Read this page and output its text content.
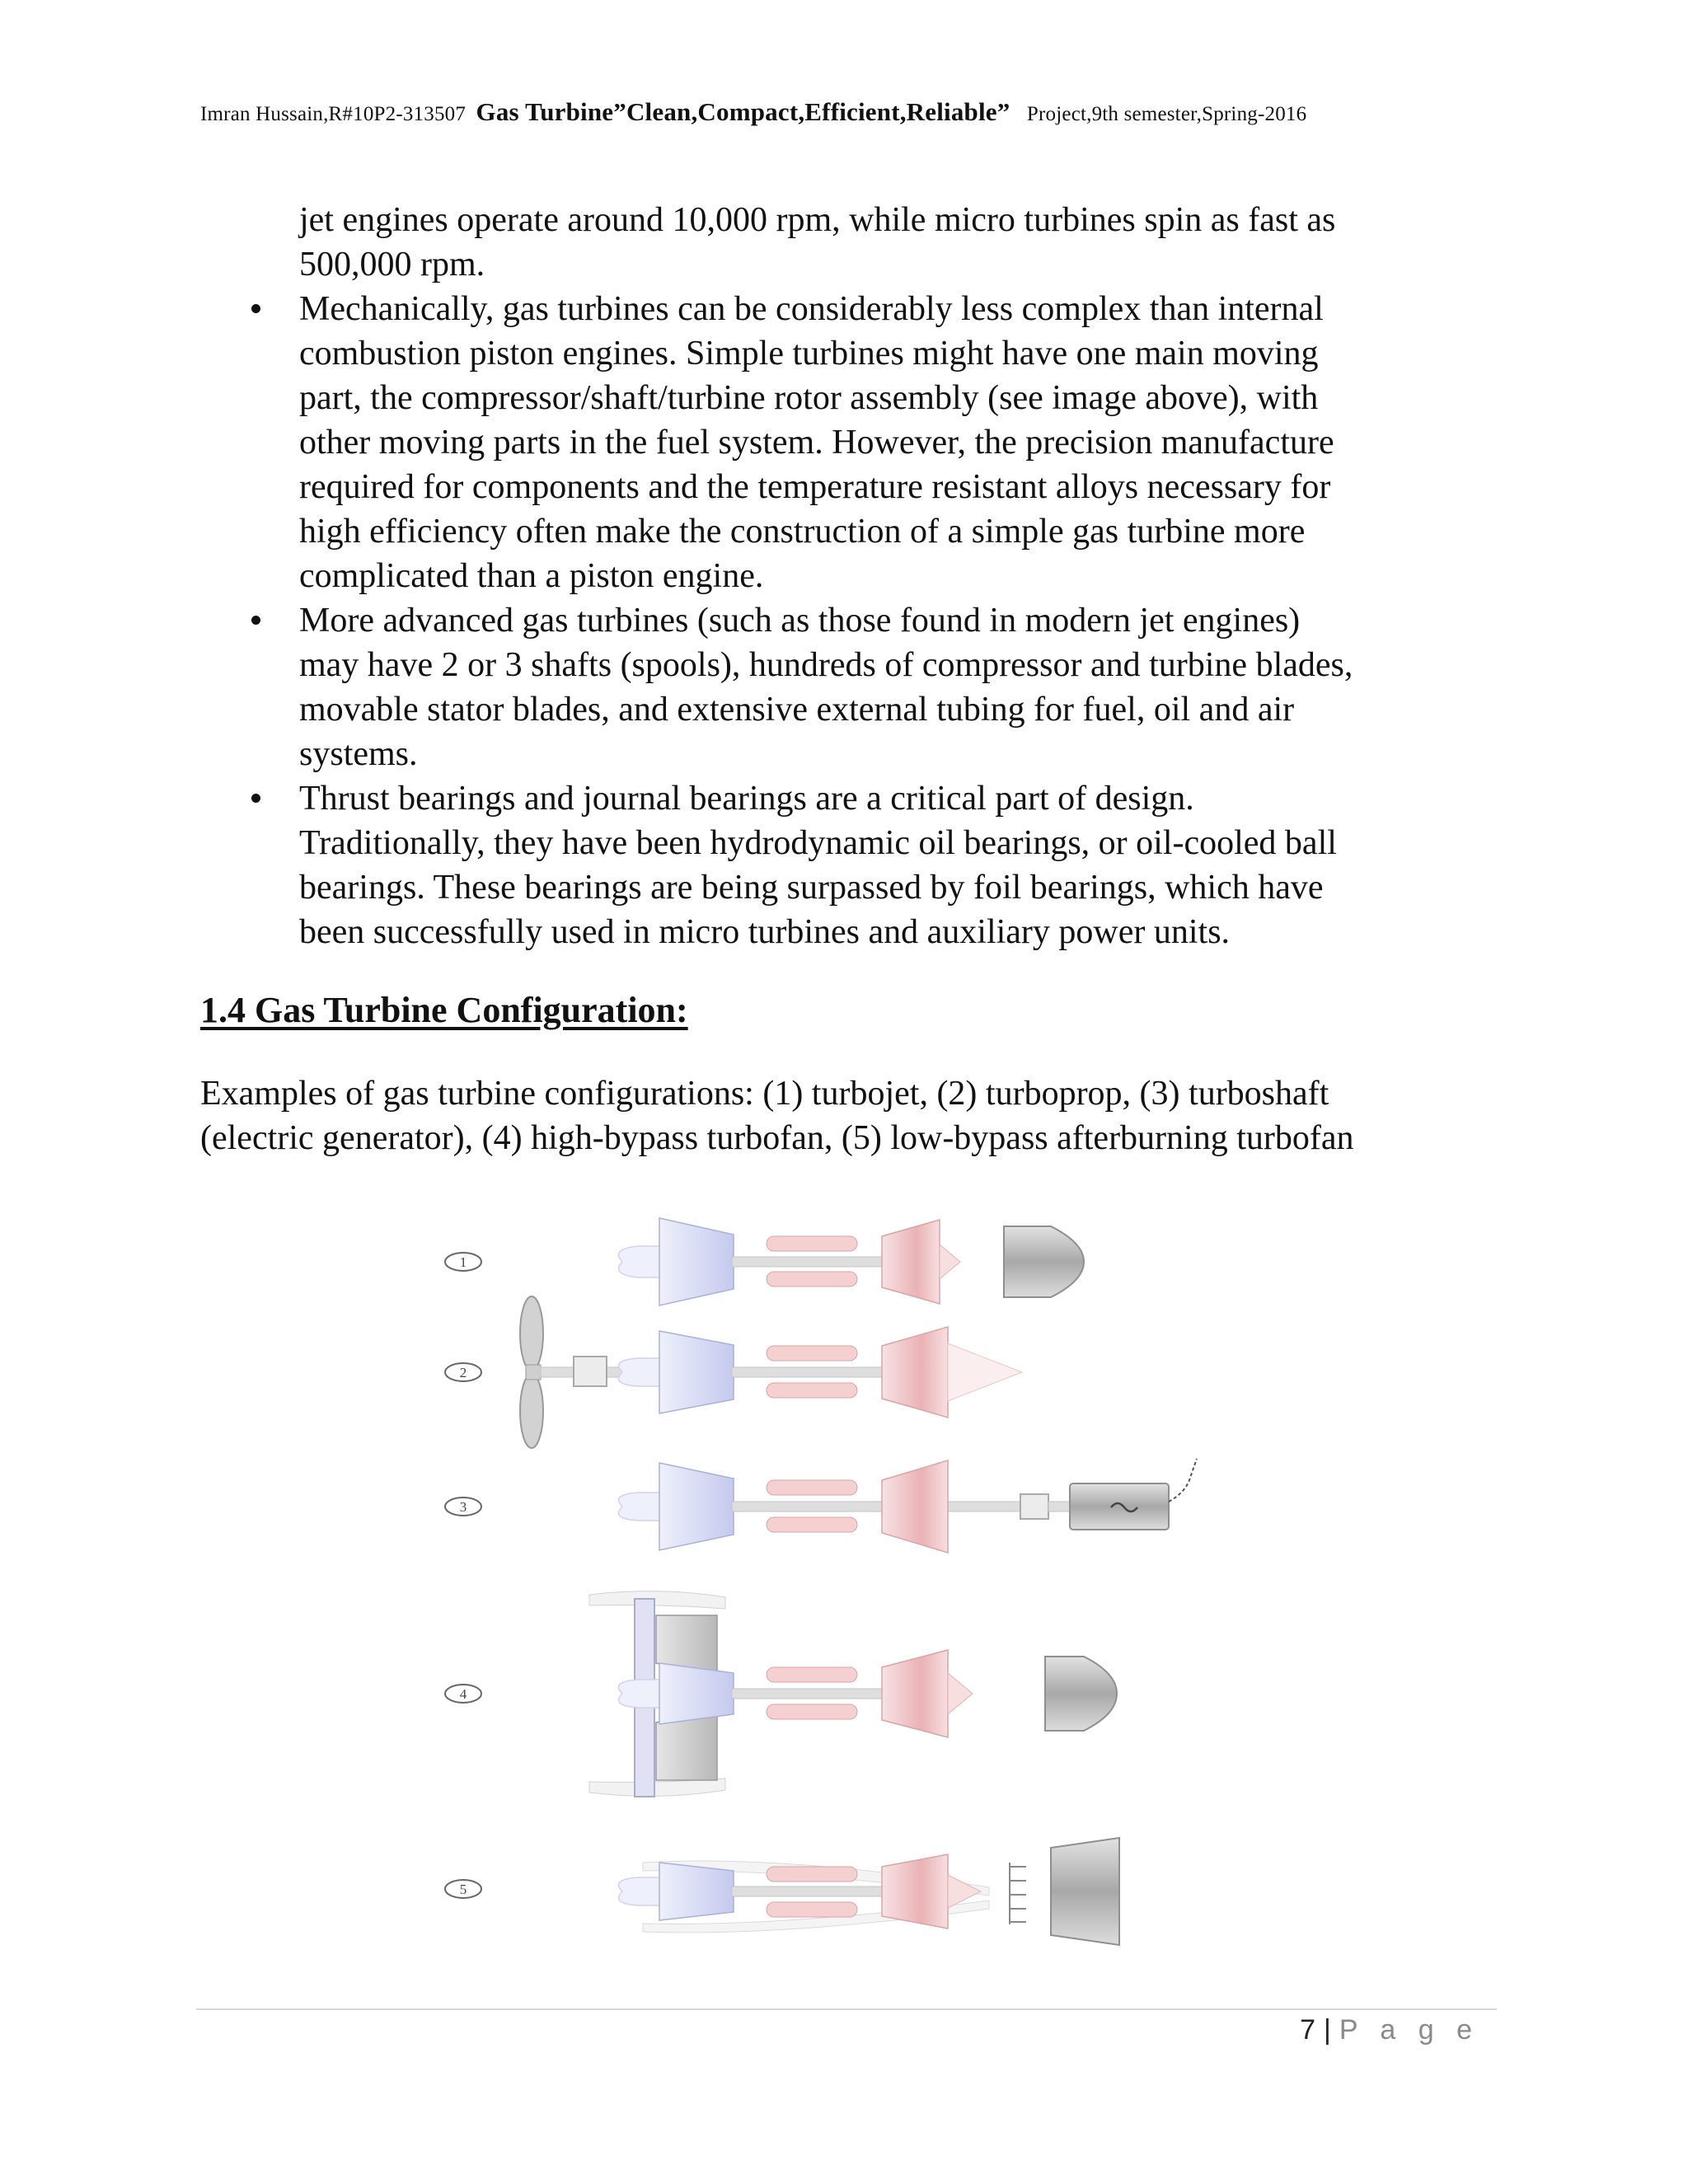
Imran Hussain,R#10P2-313507 Gas Turbine”Clean,Compact,Efficient,Reliable” Project,9th semester,Spring-2016
jet engines operate around 10,000 rpm, while micro turbines spin as fast as
500,000 rpm.
Mechanically, gas turbines can be considerably less complex than internal
combustion piston engines. Simple turbines might have one main moving
part, the compressor/shaft/turbine rotor assembly (see image above), with
other moving parts in the fuel system. However, the precision manufacture
required for components and the temperature resistant alloys necessary for
high efficiency often make the construction of a simple gas turbine more
complicated than a piston engine.
More advanced gas turbines (such as those found in modern jet engines)
may have 2 or 3 shafts (spools), hundreds of compressor and turbine blades,
movable stator blades, and extensive external tubing for fuel, oil and air
systems.
Thrust bearings and journal bearings are a critical part of design.
Traditionally, they have been hydrodynamic oil bearings, or oil-cooled ball
bearings. These bearings are being surpassed by foil bearings, which have
been successfully used in micro turbines and auxiliary power units.
1.4 Gas Turbine Configuration:
Examples of gas turbine configurations: (1) turbojet, (2) turboprop, (3) turboshaft
(electric generator), (4) high-bypass turbofan, (5) low-bypass afterburning turbofan
1
2
3
4
5
7 | P a g e
